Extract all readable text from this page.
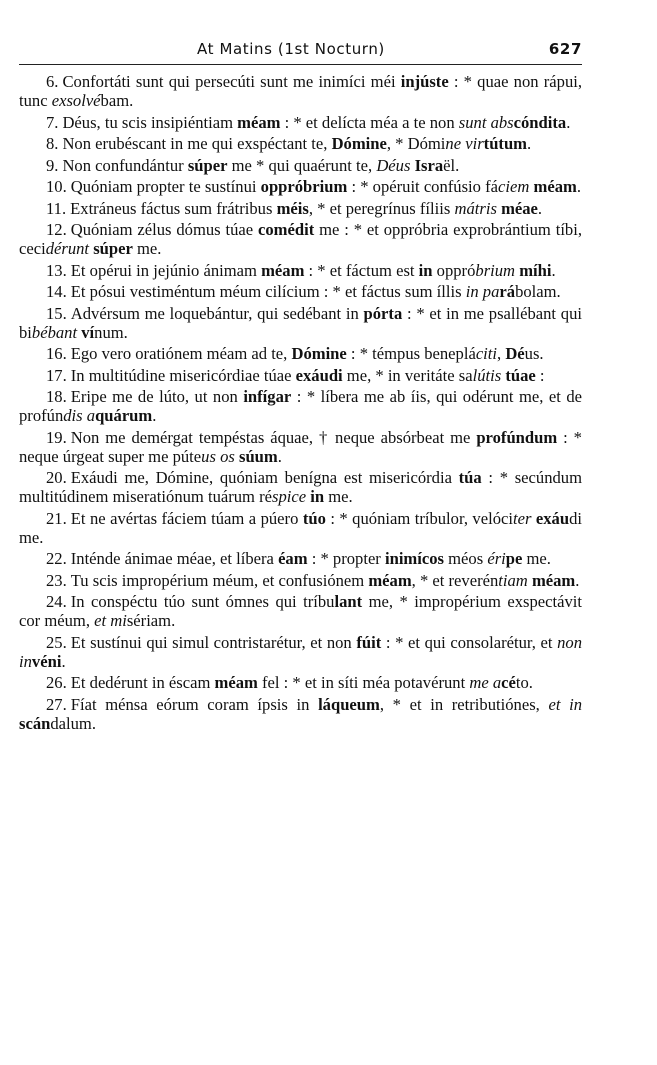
At Matins (1st Nocturn)	627

6. Confortáti sunt qui persecúti sunt me inimíci méi injúste : * quae non rápui, tunc exsolvébam.

7. Déus, tu scis insipiéntiam méam : * et delícta méa a te non sunt abscóndita.

8. Non erubéscant in me qui exspéctant te, Dómine, * Dómine virtútum.

9. Non confundántur súper me * qui quaérunt te, Déus Israël.

10. Quóniam propter te sustínui oppróbrium : * opéruit confúsio fáciem méam.

11. Extráneus fáctus sum frátribus méis, * et peregrínus fíliis mátris méae.

12. Quóniam zélus dómus túae comédit me : * et oppróbria exprobrántium tíbi, cecidérunt súper me.

13. Et opérui in jejúnio ánimam méam : * et fáctum est in oppróbrium míhi.

14. Et pósui vestiméntum méum cilícium : * et fáctus sum íllis in parábolam.

15. Advérsum me loquebántur, qui sedébant in pórta : * et in me psallébant qui bibébant vínum.

16. Ego vero oratiónem méam ad te, Dómine : * témpus benepláciti, Déus.

17. In multitúdine misericórdiae túae exáudi me, * in veritáte salútis túae :

18. Eripe me de lúto, ut non infígar : * líbera me ab íis, qui odérunt me, et de profúndis aquárum.

19. Non me demérgat tempéstas áquae, † neque absórbeat me profúndum : * neque úrgeat super me púteus os súum.

20. Exáudi me, Dómine, quóniam benígna est misericórdia túa : * secúndum multitúdinem miseratiónum tuárum réspice in me.

21. Et ne avértas fáciem túam a púero túo : * quóniam tríbulor, velóciter exáudi me.

22. Inténde ánimae méae, et líbera éam : * propter inimícos méos éripe me.

23. Tu scis impropérium méum, et confusiónem méam, * et reveréntiam méam.

24. In conspéctu túo sunt ómnes qui tríbulant me, * impropérium exspectávit cor méum, et misériam.

25. Et sustínui qui simul contristarétur, et non fúit : * et qui consolarétur, et non invéni.

26. Et dedérunt in éscam méam fel : * et in síti méa potavérunt me acéto.

27. Fíat ménsa eórum coram ípsis in láqueum, * et in retributiónes, et in scándalum.
